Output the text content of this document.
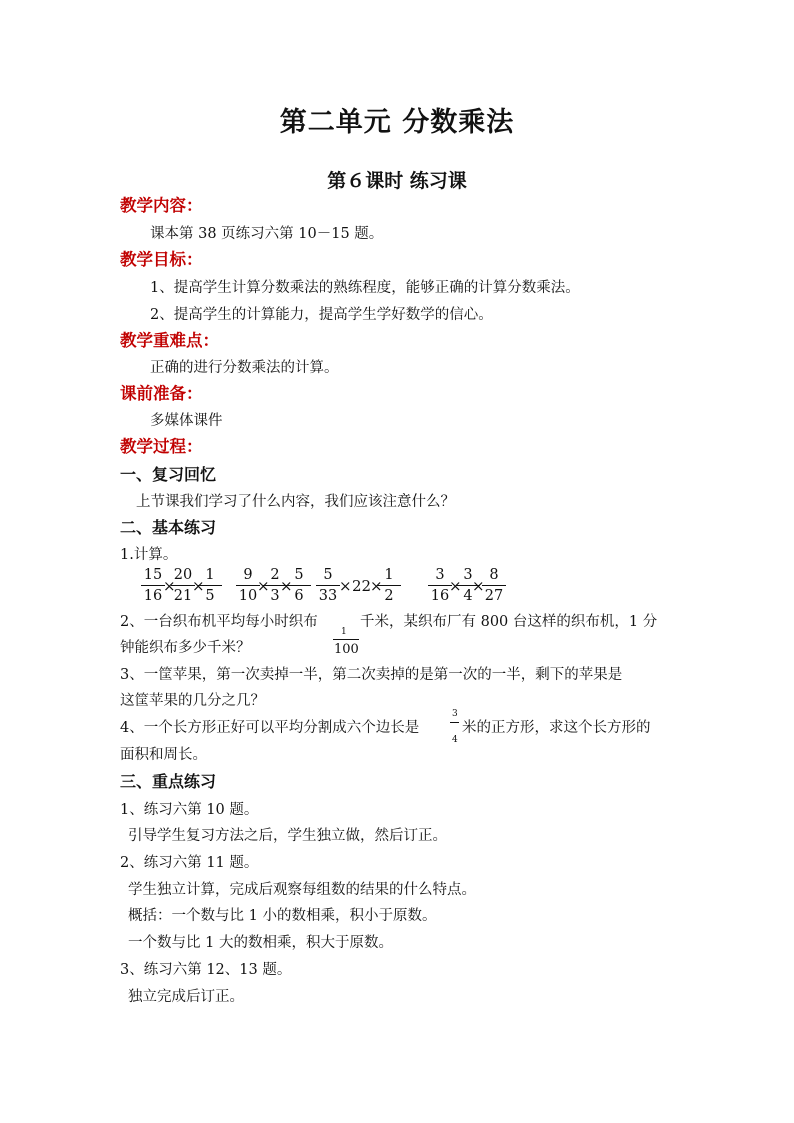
第二单元 分数乘法
第６课时 练习课
教学内容：
课本第 38 页练习六第 10－15 题。
教学目标：
1、提高学生计算分数乘法的熟练程度，能够正确的计算分数乘法。
2、提高学生的计算能力，提高学生学好数学的信心。
教学重难点：
正确的进行分数乘法的计算。
课前准备：
多媒体课件
教学过程：
一、复习回忆
上节课我们学习了什么内容，我们应该注意什么？
二、基本练习
1.计算。
15
16
×
20
21
×
1
5
9
10
×
2
3
×
5
6
5
33
× 22
×
1
2
3
16
×
3
4
×
8
27
2、一台织布机平均每小时织布
1
100
千米，某织布厂有 800 台这样的织布机，1 分
钟能织布多少千米？
3、一筐苹果，第一次卖掉一半，第二次卖掉的是第一次的一半，剩下的苹果是
这筐苹果的几分之几？
4、一个长方形正好可以平均分割成六个边长是
3
4
米的正方形，求这个长方形的
面积和周长。
三、重点练习
1、练习六第 10 题。
引导学生复习方法之后，学生独立做，然后订正。
2、练习六第 11 题。
学生独立计算，完成后观察每组数的结果的什么特点。
概括：一个数与比 1 小的数相乘，积小于原数。
一个数与比 1 大的数相乘，积大于原数。
3、练习六第 12、13 题。
独立完成后订正。
